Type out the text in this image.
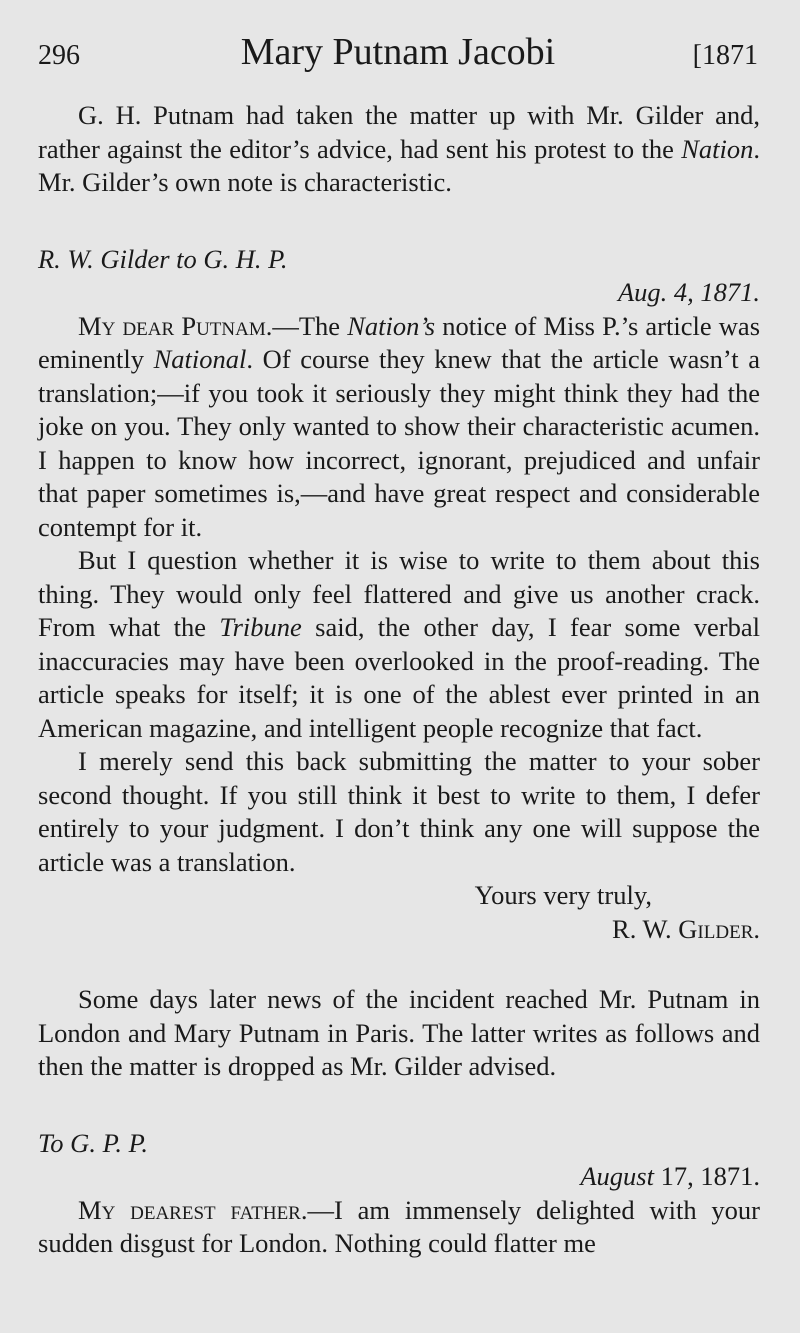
296	Mary Putnam Jacobi	[1871

G. H. Putnam had taken the matter up with Mr. Gilder and, rather against the editor’s advice, had sent his protest to the Nation. Mr. Gilder’s own note is characteristic.

R. W. Gilder to G. H. P.

Aug. 4, 1871.

My dear Putnam.—The Nation’s notice of Miss P.’s article was eminently National. Of course they knew that the article wasn’t a translation;—if you took it seriously they might think they had the joke on you. They only wanted to show their characteristic acumen. I happen to know how incorrect, ignorant, prejudiced and unfair that paper sometimes is,—and have great respect and considerable contempt for it.

But I question whether it is wise to write to them about this thing. They would only feel flattered and give us another crack. From what the Tribune said, the other day, I fear some verbal inaccuracies may have been overlooked in the proof-reading. The article speaks for itself; it is one of the ablest ever printed in an American magazine, and intelligent people recognize that fact.

I merely send this back submitting the matter to your sober second thought. If you still think it best to write to them, I defer entirely to your judgment. I don’t think any one will suppose the article was a translation.

Yours very truly,

R. W. Gilder.

Some days later news of the incident reached Mr. Putnam in London and Mary Putnam in Paris. The latter writes as follows and then the matter is dropped as Mr. Gilder advised.

To G. P. P.

August 17, 1871.

My dearest father.—I am immensely delighted with your sudden disgust for London. Nothing could flatter me
